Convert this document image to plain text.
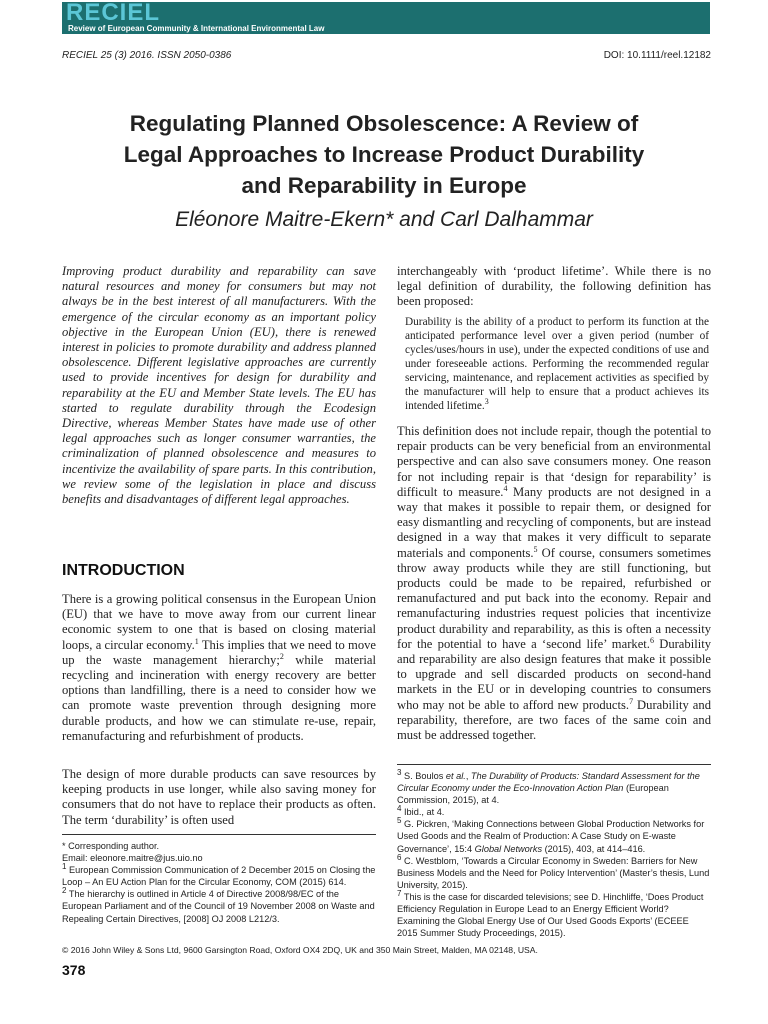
RECIEL
Review of European Community & International Environmental Law
RECIEL 25 (3) 2016. ISSN 2050-0386	DOI: 10.1111/reel.12182
Regulating Planned Obsolescence: A Review of
Legal Approaches to Increase Product Durability
and Reparability in Europe
Eléonore Maitre-Ekern* and Carl Dalhammar
Improving product durability and reparability can save natural resources and money for consumers but may not always be in the best interest of all manufacturers. With the emergence of the circular economy as an important policy objective in the European Union (EU), there is renewed interest in policies to promote durability and address planned obsolescence. Different legislative approaches are currently used to provide incentives for design for durability and reparability at the EU and Member State levels. The EU has started to regulate durability through the Ecodesign Directive, whereas Member States have made use of other legal approaches such as longer consumer warranties, the criminalization of planned obsolescence and measures to incentivize the availability of spare parts. In this contribution, we review some of the legislation in place and discuss benefits and disadvantages of different legal approaches.
INTRODUCTION
There is a growing political consensus in the European Union (EU) that we have to move away from our current linear economic system to one that is based on closing material loops, a circular economy.$^1$ This implies that we need to move up the waste management hierarchy;$^2$ while material recycling and incineration with energy recovery are better options than landfilling, there is a need to consider how we can promote waste prevention through designing more durable products, and how we can stimulate re-use, repair, remanufacturing and refurbishment of products.
The design of more durable products can save resources by keeping products in use longer, while also saving money for consumers that do not have to replace their products as often. The term ‘durability’ is often used

* Corresponding author.

Email: eleonore.maitre@jus.uio.no

$^1$ European Commission Communication of 2 December 2015 on Closing the Loop – An EU Action Plan for the Circular Economy, COM (2015) 614.

$^2$ The hierarchy is outlined in Article 4 of Directive 2008/98/EC of the European Parliament and of the Council of 19 November 2008 on Waste and Repealing Certain Directives, [2008] OJ 2008 L212/3.

interchangeably with ‘product lifetime’. While there is no legal definition of durability, the following definition has been proposed:
Durability is the ability of a product to perform its function at the anticipated performance level over a given period (number of cycles/uses/hours in use), under the expected conditions of use and under foreseeable actions. Performing the recommended regular servicing, maintenance, and replacement activities as specified by the manufacturer will help to ensure that a product achieves its intended lifetime.$^3$
This definition does not include repair, though the potential to repair products can be very beneficial from an environmental perspective and can also save consumers money. One reason for not including repair is that ‘design for reparability’ is difficult to measure.$^4$ Many products are not designed in a way that makes it possible to repair them, or designed for easy dismantling and recycling of components, but are instead designed in a way that makes it very difficult to separate materials and components.$^5$ Of course, consumers sometimes throw away products while they are still functioning, but products could be made to be repaired, refurbished or remanufactured and put back into the economy. Repair and remanufacturing industries request policies that incentivize product durability and reparability, as this is often a necessity for the potential to have a ‘second life’ market.$^6$ Durability and reparability are also design features that make it possible to upgrade and sell discarded products on second-hand markets in the EU or in developing countries to consumers who may not be able to afford new products.$^7$ Durability and reparability, therefore, are two faces of the same coin and must be addressed together.

$^3$ S. Boulos et al., The Durability of Products: Standard Assessment for the Circular Economy under the Eco-Innovation Action Plan (European Commission, 2015), at 4.

$^4$ Ibid., at 4.

$^5$ G. Pickren, ‘Making Connections between Global Production Networks for Used Goods and the Realm of Production: A Case Study on E-waste Governance’, 15:4 Global Networks (2015), 403, at 414–416.

$^6$ C. Westblom, ‘Towards a Circular Economy in Sweden: Barriers for New Business Models and the Need for Policy Intervention’ (Master’s thesis, Lund University, 2015).

$^7$ This is the case for discarded televisions; see D. Hinchliffe, ‘Does Product Efficiency Regulation in Europe Lead to an Energy Efficient World? Examining the Global Energy Use of Our Used Goods Exports’ (ECEEE 2015 Summer Study Proceedings, 2015).

© 2016 John Wiley & Sons Ltd, 9600 Garsington Road, Oxford OX4 2DQ, UK and 350 Main Street, Malden, MA 02148, USA.
378
